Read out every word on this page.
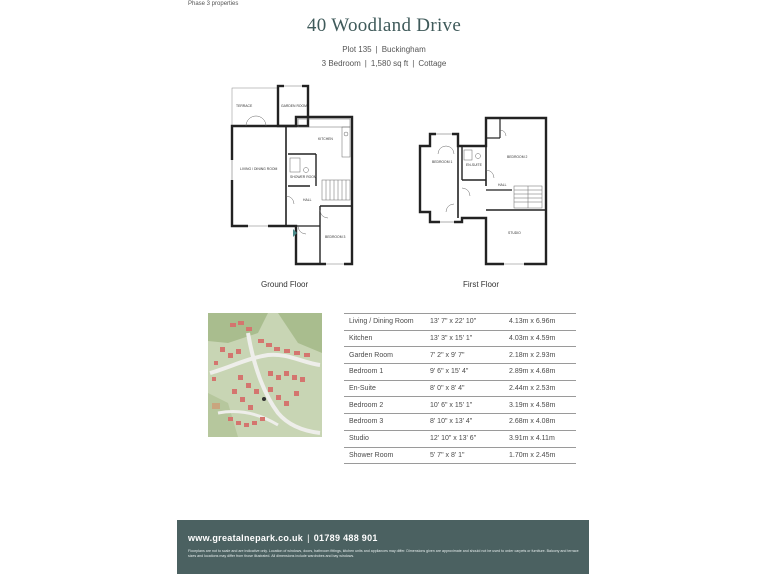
Phase 3 properties
40 Woodland Drive
Plot 135 | Buckingham
3 Bedroom | 1,580 sq ft | Cottage
TERRACE	GARDEN ROOM
KITCHEN
LIVING / DINING ROOM
SHOWER ROOM
HALL
BEDROOM 3
BEDROOM 1
EN-SUITE
BEDROOM 2
HALL
STUDIO
Ground Floor	First Floor
Living / Dining Room	13' 7" x 22' 10"	4.13m x 6.96m
Kitchen	13' 3" x 15' 1"	4.03m x 4.59m
Garden Room	7' 2" x 9' 7"	2.18m x 2.93m
Bedroom 1	9' 6" x 15' 4"	2.89m x 4.68m
En-Suite	8' 0" x 8' 4"	2.44m x 2.53m
Bedroom 2	10' 6" x 15' 1"	3.19m x 4.58m
Bedroom 3	8' 10" x 13' 4"	2.68m x 4.08m
Studio	12' 10" x 13' 6"	3.91m x 4.11m
Shower Room	5' 7" x 8' 1"	1.70m x 2.45m
www.greatalnepark.co.uk | 01789 488 901
Floorplans are not to scale and are indicative only. Location of windows, doors, bathroom fittings, kitchen units and appliances may differ. Dimensions given are approximate and should not be used to order carpets or furniture. Balcony and terrace sizes and locations may differ from those illustrated. All dimensions include wardrobes and bay windows.
